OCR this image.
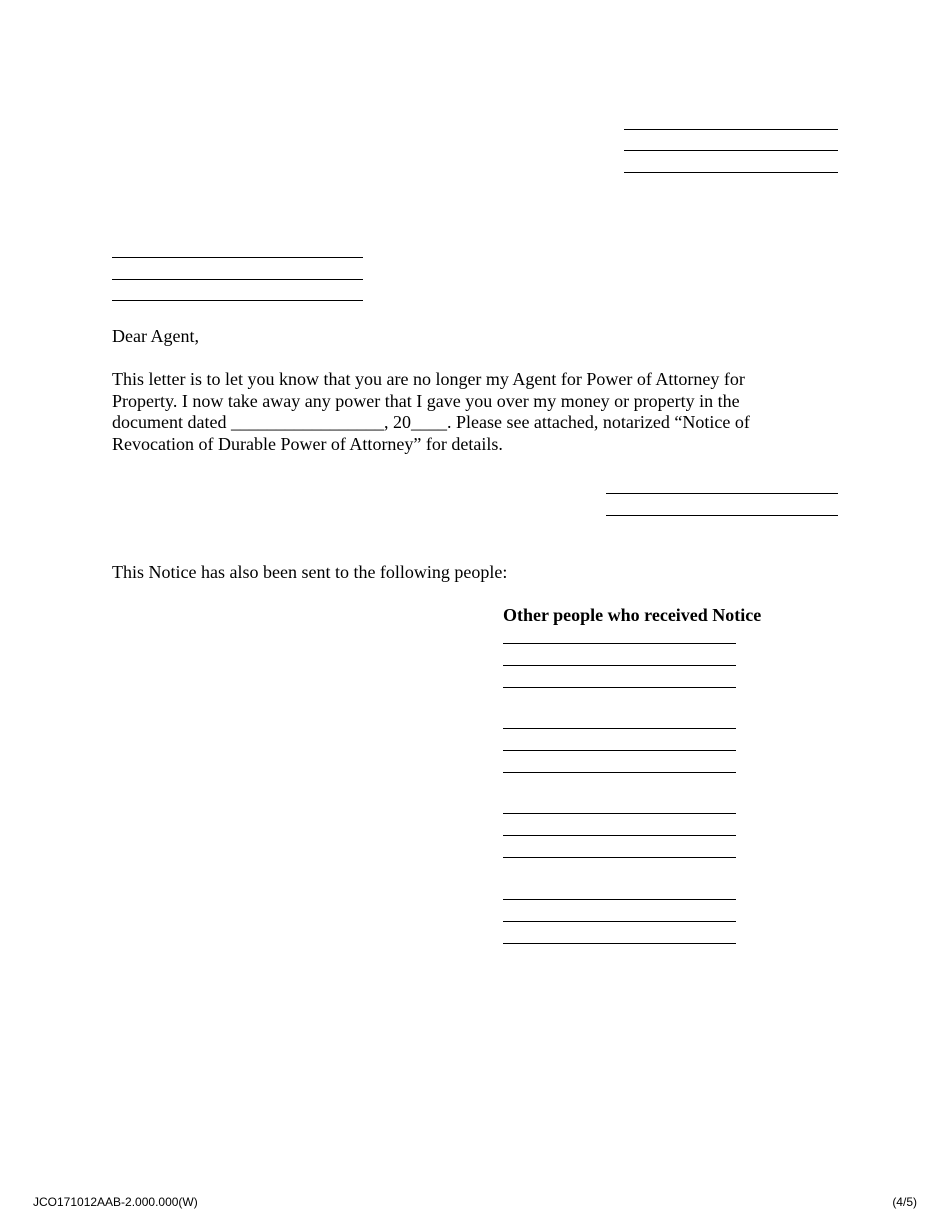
Dear Agent,

This letter is to let you know that you are no longer my Agent for Power of Attorney for

Property. I now take away any power that I gave you over my money or property in the

document dated _________________, 20____. Please see attached, notarized “Notice of

Revocation of Durable Power of Attorney” for details.

This Notice has also been sent to the following people:
Other people who received Notice
JCO171012AAB-2.000.000(W)	(4/5)
